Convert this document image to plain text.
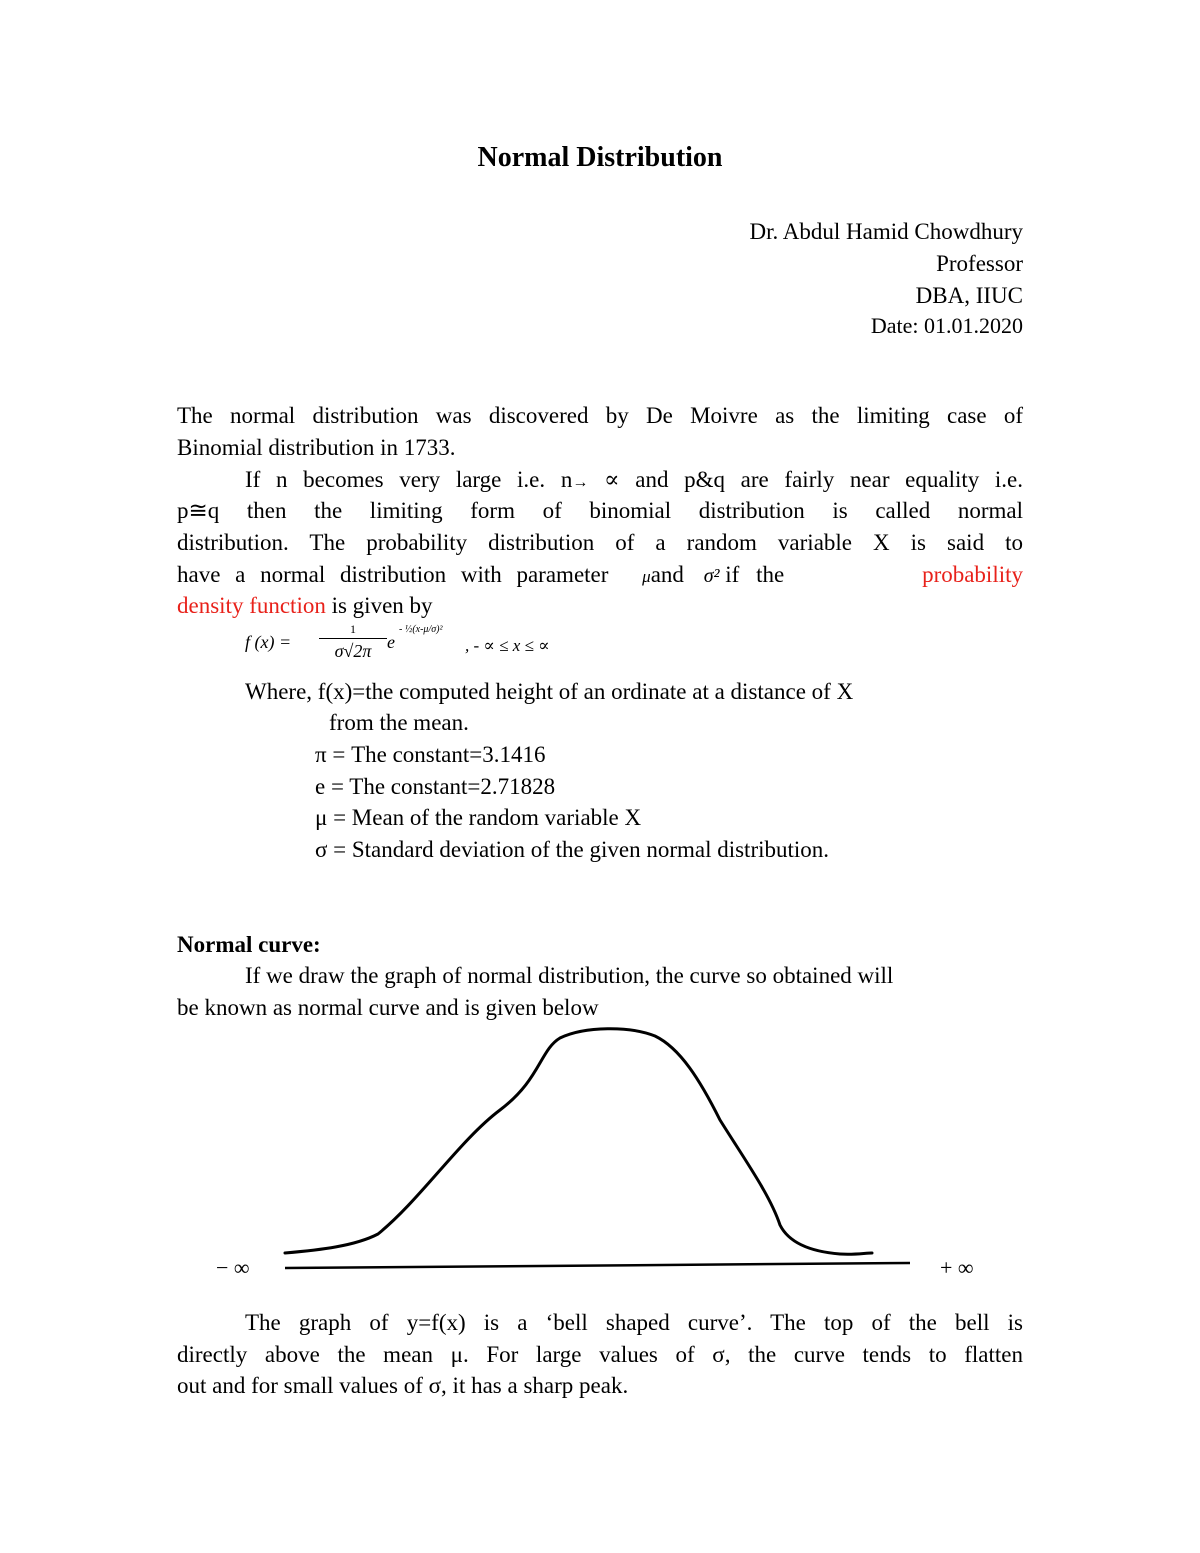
Normal Distribution
Dr. Abdul Hamid Chowdhury
Professor
DBA, IIUC
Date: 01.01.2020
The normal distribution was discovered by De Moivre as the limiting case of
Binomial distribution in 1733.
If n becomes very large i.e. n→ ∝ and p&q are fairly near equality i.e.
p≅q then the limiting form of binomial distribution is called normal
distribution. The probability distribution of a random variable X is said to
have a normal distribution with parameter μand σ² if the	probability
density function is given by
f (x) =
1
σ√2π e
- ½(x-μ/σ)²
, - ∝ ≤ x ≤ ∝
Where, f(x)=the computed height of an ordinate at a distance of X
from the mean.
π = The constant=3.1416
e = The constant=2.71828
μ = Mean of the random variable X
σ = Standard deviation of the given normal distribution.
Normal curve:
If we draw the graph of normal distribution, the curve so obtained will
be known as normal curve and is given below
− ∞	+ ∞
The graph of y=f(x) is a ‘bell shaped curve’. The top of the bell is
directly above the mean μ. For large values of σ, the curve tends to flatten
out and for small values of σ, it has a sharp peak.
